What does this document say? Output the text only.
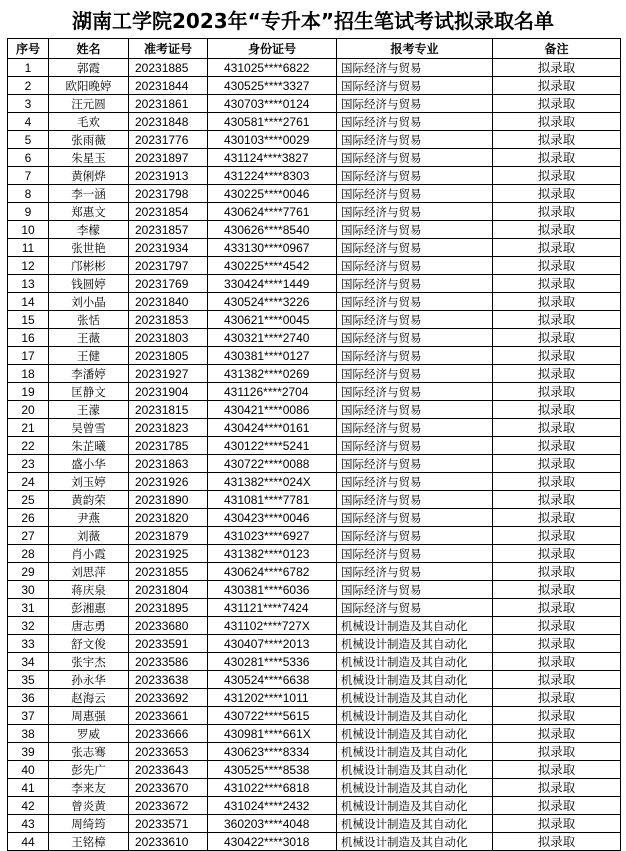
湖南工学院2023年“专升本”招生笔试考试拟录取名单
序号	姓名	准考证号	身份证号	报考专业	备注
1	郭霞	20231885	431025****6822	国际经济与贸易	拟录取
2	欧阳晚婷	20231844	430525****3327	国际经济与贸易	拟录取
3	汪元圆	20231861	430703****0124	国际经济与贸易	拟录取
4	毛欢	20231848	430581****2761	国际经济与贸易	拟录取
5	张雨薇	20231776	430103****0029	国际经济与贸易	拟录取
6	朱星玉	20231897	431124****3827	国际经济与贸易	拟录取
7	黄俐烨	20231913	431224****8303	国际经济与贸易	拟录取
8	李一涵	20231798	430225****0046	国际经济与贸易	拟录取
9	郑惠文	20231854	430624****7761	国际经济与贸易	拟录取
10	李檬	20231857	430626****8540	国际经济与贸易	拟录取
11	张世艳	20231934	433130****0967	国际经济与贸易	拟录取
12	邝彬彬	20231797	430225****4542	国际经济与贸易	拟录取
13	钱圆婷	20231769	330424****1449	国际经济与贸易	拟录取
14	刘小晶	20231840	430524****3226	国际经济与贸易	拟录取
15	张恬	20231853	430621****0045	国际经济与贸易	拟录取
16	王薇	20231803	430321****2740	国际经济与贸易	拟录取
17	王健	20231805	430381****0127	国际经济与贸易	拟录取
18	李潘婷	20231927	431382****0269	国际经济与贸易	拟录取
19	匡静文	20231904	431126****2704	国际经济与贸易	拟录取
20	王濛	20231815	430421****0086	国际经济与贸易	拟录取
21	吴曾雪	20231823	430424****0161	国际经济与贸易	拟录取
22	朱芷曦	20231785	430122****5241	国际经济与贸易	拟录取
23	盛小华	20231863	430722****0088	国际经济与贸易	拟录取
24	刘玉婷	20231926	431382****024X	国际经济与贸易	拟录取
25	黄韵荣	20231890	431081****7781	国际经济与贸易	拟录取
26	尹燕	20231820	430423****0046	国际经济与贸易	拟录取
27	刘薇	20231879	431023****6927	国际经济与贸易	拟录取
28	肖小霞	20231925	431382****0123	国际经济与贸易	拟录取
29	刘思萍	20231855	430624****6782	国际经济与贸易	拟录取
30	蒋庆泉	20231804	430381****6036	国际经济与贸易	拟录取
31	彭湘惠	20231895	431121****7424	国际经济与贸易	拟录取
32	唐志勇	20233680	431102****727X	机械设计制造及其自动化	拟录取
33	舒文俊	20233591	430407****2013	机械设计制造及其自动化	拟录取
34	张宇杰	20233586	430281****5336	机械设计制造及其自动化	拟录取
35	孙永华	20233638	430524****6638	机械设计制造及其自动化	拟录取
36	赵海云	20233692	431202****1011	机械设计制造及其自动化	拟录取
37	周惠强	20233661	430722****5615	机械设计制造及其自动化	拟录取
38	罗威	20233666	430981****661X	机械设计制造及其自动化	拟录取
39	张志骞	20233653	430623****8334	机械设计制造及其自动化	拟录取
40	彭先广	20233643	430525****8538	机械设计制造及其自动化	拟录取
41	李来友	20233670	431022****6818	机械设计制造及其自动化	拟录取
42	曾炎黄	20233672	431024****2432	机械设计制造及其自动化	拟录取
43	周绮筠	20233571	360203****4048	机械设计制造及其自动化	拟录取
44	王铭樟	20233610	430422****3018	机械设计制造及其自动化	拟录取
